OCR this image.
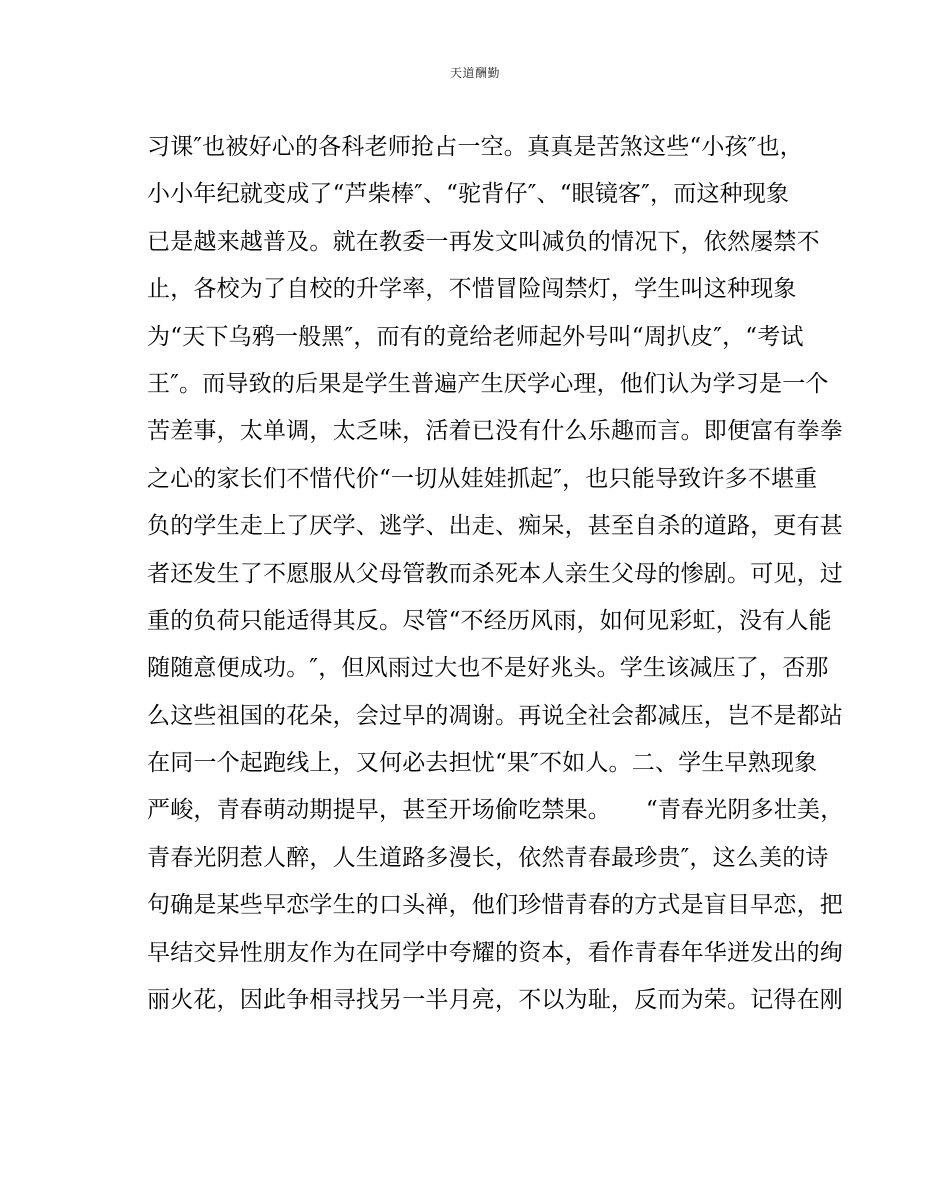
天道酬勤
习课″也被好心的各科老师抢占一空。真真是苦煞这些“小孩″也，
小小年纪就变成了“芦柴棒″、“驼背仔″、“眼镜客″，而这种现象
已是越来越普及。就在教委一再发文叫减负的情况下，依然屡禁不
止，各校为了自校的升学率，不惜冒险闯禁灯，学生叫这种现象
为“天下乌鸦一般黑″，而有的竟给老师起外号叫“周扒皮″，“考试
王″。而导致的后果是学生普遍产生厌学心理，他们认为学习是一个
苦差事，太单调，太乏味，活着已没有什么乐趣而言。即便富有拳拳
之心的家长们不惜代价“一切从娃娃抓起″，也只能导致许多不堪重
负的学生走上了厌学、逃学、出走、痴呆，甚至自杀的道路，更有甚
者还发生了不愿服从父母管教而杀死本人亲生父母的惨剧。可见，过
重的负荷只能适得其反。尽管“不经历风雨，如何见彩虹，没有人能
随随意便成功。″，但风雨过大也不是好兆头。学生该减压了，否那
么这些祖国的花朵，会过早的凋谢。再说全社会都减压，岂不是都站
在同一个起跑线上，又何必去担忧“果″不如人。二、学生早熟现象
严峻，青春萌动期提早，甚至开场偷吃禁果。　　“青春光阴多壮美，
青春光阴惹人醉，人生道路多漫长，依然青春最珍贵″，这么美的诗
句确是某些早恋学生的口头禅，他们珍惜青春的方式是盲目早恋，把
早结交异性朋友作为在同学中夸耀的资本，看作青春年华迸发出的绚
丽火花，因此争相寻找另一半月亮，不以为耻，反而为荣。记得在刚
